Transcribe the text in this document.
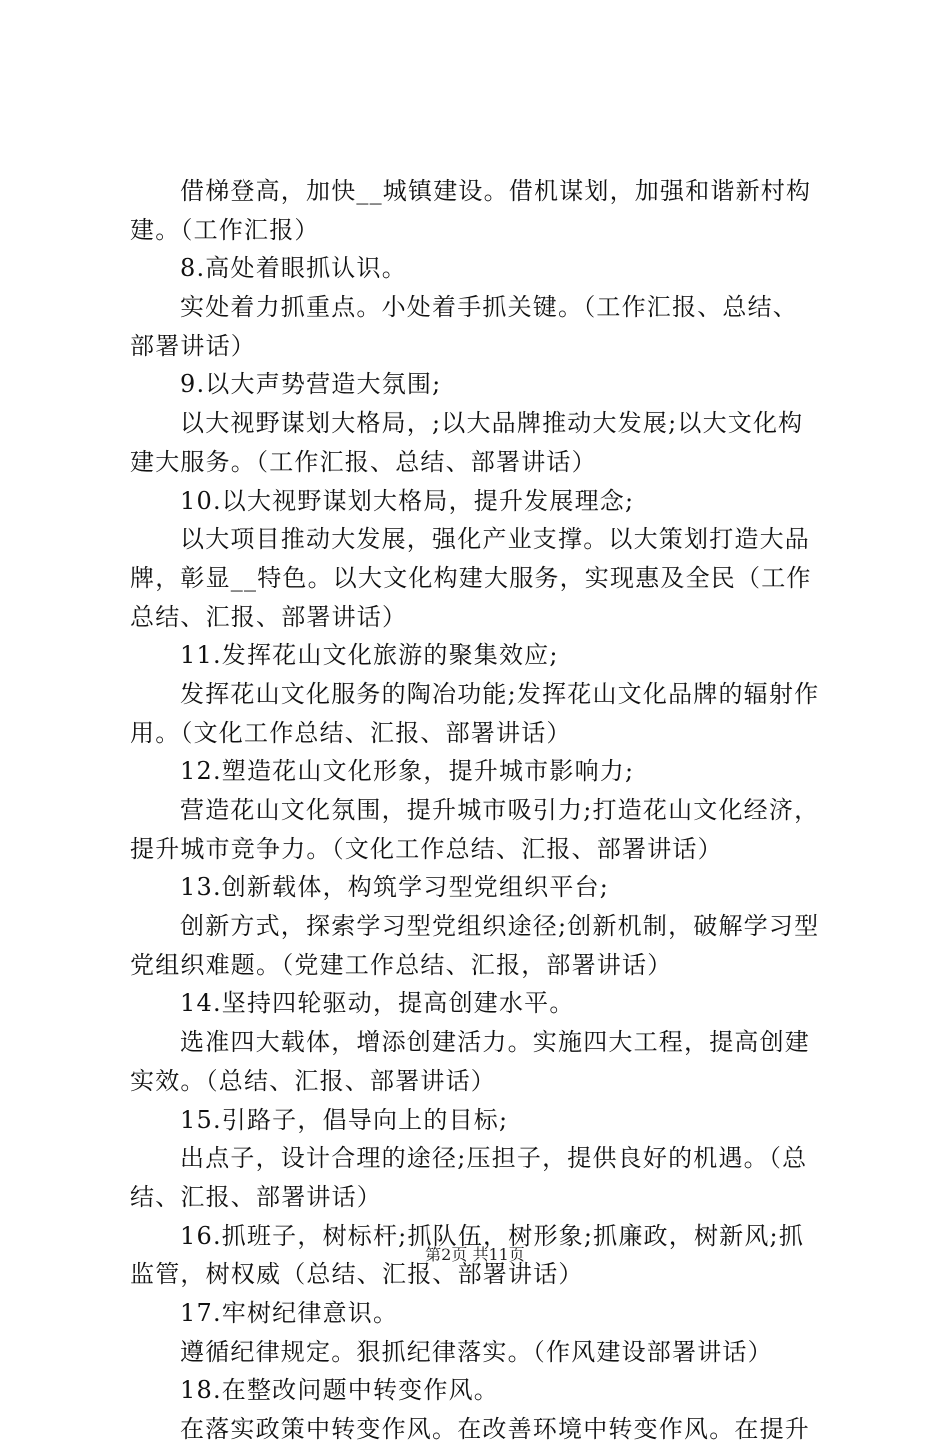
借梯登高，加快__城镇建设。借机谋划，加强和谐新村构
建。（工作汇报）
8.高处着眼抓认识。
实处着力抓重点。小处着手抓关键。（工作汇报、总结、
部署讲话）
9.以大声势营造大氛围;
以大视野谋划大格局，;以大品牌推动大发展;以大文化构
建大服务。（工作汇报、总结、部署讲话）
10.以大视野谋划大格局，提升发展理念;
以大项目推动大发展，强化产业支撑。以大策划打造大品
牌，彰显__特色。以大文化构建大服务，实现惠及全民（工作
总结、汇报、部署讲话）
11.发挥花山文化旅游的聚集效应;
发挥花山文化服务的陶冶功能;发挥花山文化品牌的辐射作
用。（文化工作总结、汇报、部署讲话）
12.塑造花山文化形象，提升城市影响力;
营造花山文化氛围，提升城市吸引力;打造花山文化经济，
提升城市竞争力。（文化工作总结、汇报、部署讲话）
13.创新载体，构筑学习型党组织平台;
创新方式，探索学习型党组织途径;创新机制，破解学习型
党组织难题。（党建工作总结、汇报，部署讲话）
14.坚持四轮驱动，提高创建水平。
选准四大载体，增添创建活力。实施四大工程，提高创建
实效。（总结、汇报、部署讲话）
15.引路子，倡导向上的目标;
出点子，设计合理的途径;压担子，提供良好的机遇。（总
结、汇报、部署讲话）
16.抓班子，树标杆;抓队伍，树形象;抓廉政，树新风;抓
监管，树权威（总结、汇报、部署讲话）
17.牢树纪律意识。
遵循纪律规定。狠抓纪律落实。（作风建设部署讲话）
18.在整改问题中转变作风。
在落实政策中转变作风。在改善环境中转变作风。在提升
第2页 共11页
